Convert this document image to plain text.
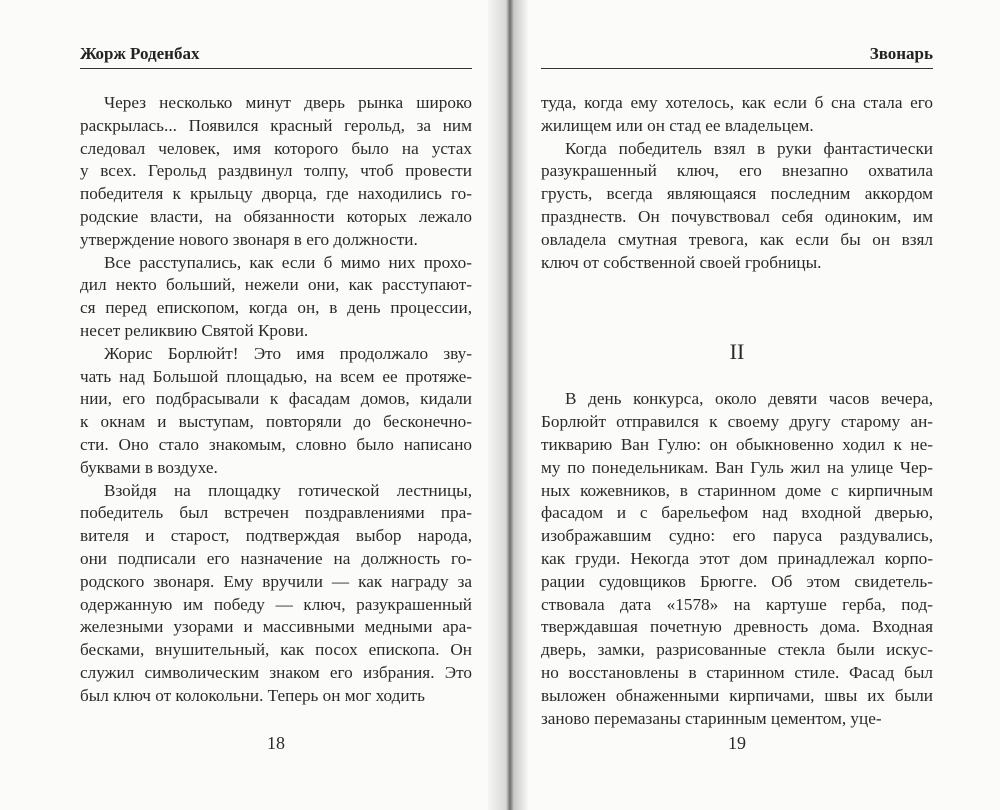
Жорж Роденбах
Через несколько минут дверь рынка широко
раскрылась... Появился красный герольд, за ним
следовал человек, имя которого было на устах
у всех. Герольд раздвинул толпу, чтоб провести
победителя к крыльцу дворца, где находились го-
родские власти, на обязанности которых лежало
утверждение нового звонаря в его должности.
Все расступались, как если б мимо них прохо-
дил некто больший, нежели они, как расступают-
ся перед епископом, когда он, в день процессии,
несет реликвию Святой Крови.
Жорис Борлюйт! Это имя продолжало зву-
чать над Большой площадью, на всем ее протяже-
нии, его подбрасывали к фасадам домов, кидали
к окнам и выступам, повторяли до бесконечно-
сти. Оно стало знакомым, словно было написано
буквами в воздухе.
Взойдя на площадку готической лестницы,
победитель был встречен поздравлениями пра-
вителя и старост, подтверждая выбор народа,
они подписали его назначение на должность го-
родского звонаря. Ему вручили — как награду за
одержанную им победу — ключ, разукрашенный
железными узорами и массивными медными ара-
бесками, внушительный, как посох епископа. Он
служил символическим знаком его избрания. Это
был ключ от колокольни. Теперь он мог ходить
18
Звонарь
туда, когда ему хотелось, как если б сна стала его
жилищем или он стад ее владельцем.
Когда победитель взял в руки фантастически
разукрашенный ключ, его внезапно охватила
грусть, всегда являющаяся последним аккордом
празднеств. Он почувствовал себя одиноким, им
овладела смутная тревога, как если бы он взял
ключ от собственной своей гробницы.
II
В день конкурса, около девяти часов вечера,
Борлюйт отправился к своему другу старому ан-
тикварию Ван Гулю: он обыкновенно ходил к не-
му по понедельникам. Ван Гуль жил на улице Чер-
ных кожевников, в старинном доме с кирпичным
фасадом и с барельефом над входной дверью,
изображавшим судно: его паруса раздувались,
как груди. Некогда этот дом принадлежал корпо-
рации судовщиков Брюгге. Об этом свидетель-
ствовала дата «1578» на картуше герба, под-
тверждавшая почетную древность дома. Входная
дверь, замки, разрисованные стекла были искус-
но восстановлены в старинном стиле. Фасад был
выложен обнаженными кирпичами, швы их были
заново перемазаны старинным цементом, уце-
19
